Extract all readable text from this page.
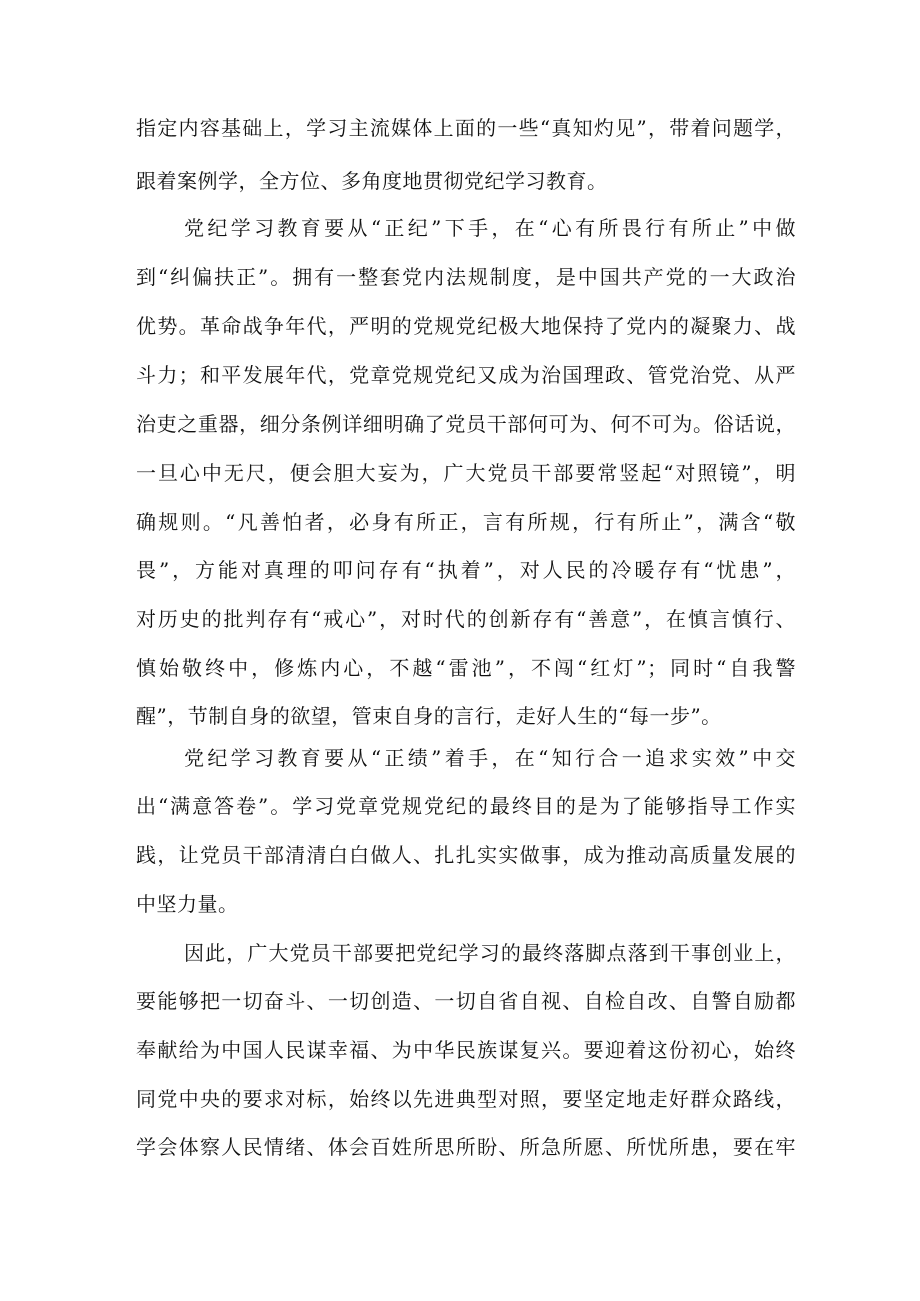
指定内容基础上，学习主流媒体上面的一些“真知灼见”，带着问题学，
跟着案例学，全方位、多角度地贯彻党纪学习教育。
党纪学习教育要从“正纪”下手，在“心有所畏行有所止”中做
到“纠偏扶正”。拥有一整套党内法规制度，是中国共产党的一大政治
优势。革命战争年代，严明的党规党纪极大地保持了党内的凝聚力、战
斗力；和平发展年代，党章党规党纪又成为治国理政、管党治党、从严
治吏之重器，细分条例详细明确了党员干部何可为、何不可为。俗话说，
一旦心中无尺，便会胆大妄为，广大党员干部要常竖起“对照镜”，明
确规则。“凡善怕者，必身有所正，言有所规，行有所止”，满含“敬
畏”，方能对真理的叩问存有“执着”，对人民的冷暖存有“忧患”，
对历史的批判存有“戒心”，对时代的创新存有“善意”，在慎言慎行、
慎始敬终中，修炼内心，不越“雷池”，不闯“红灯”；同时“自我警
醒”，节制自身的欲望，管束自身的言行，走好人生的“每一步”。
党纪学习教育要从“正绩”着手，在“知行合一追求实效”中交
出“满意答卷”。学习党章党规党纪的最终目的是为了能够指导工作实
践，让党员干部清清白白做人、扎扎实实做事，成为推动高质量发展的
中坚力量。
因此，广大党员干部要把党纪学习的最终落脚点落到干事创业上，
要能够把一切奋斗、一切创造、一切自省自视、自检自改、自警自励都
奉献给为中国人民谋幸福、为中华民族谋复兴。要迎着这份初心，始终
同党中央的要求对标，始终以先进典型对照，要坚定地走好群众路线，
学会体察人民情绪、体会百姓所思所盼、所急所愿、所忧所患，要在牢
